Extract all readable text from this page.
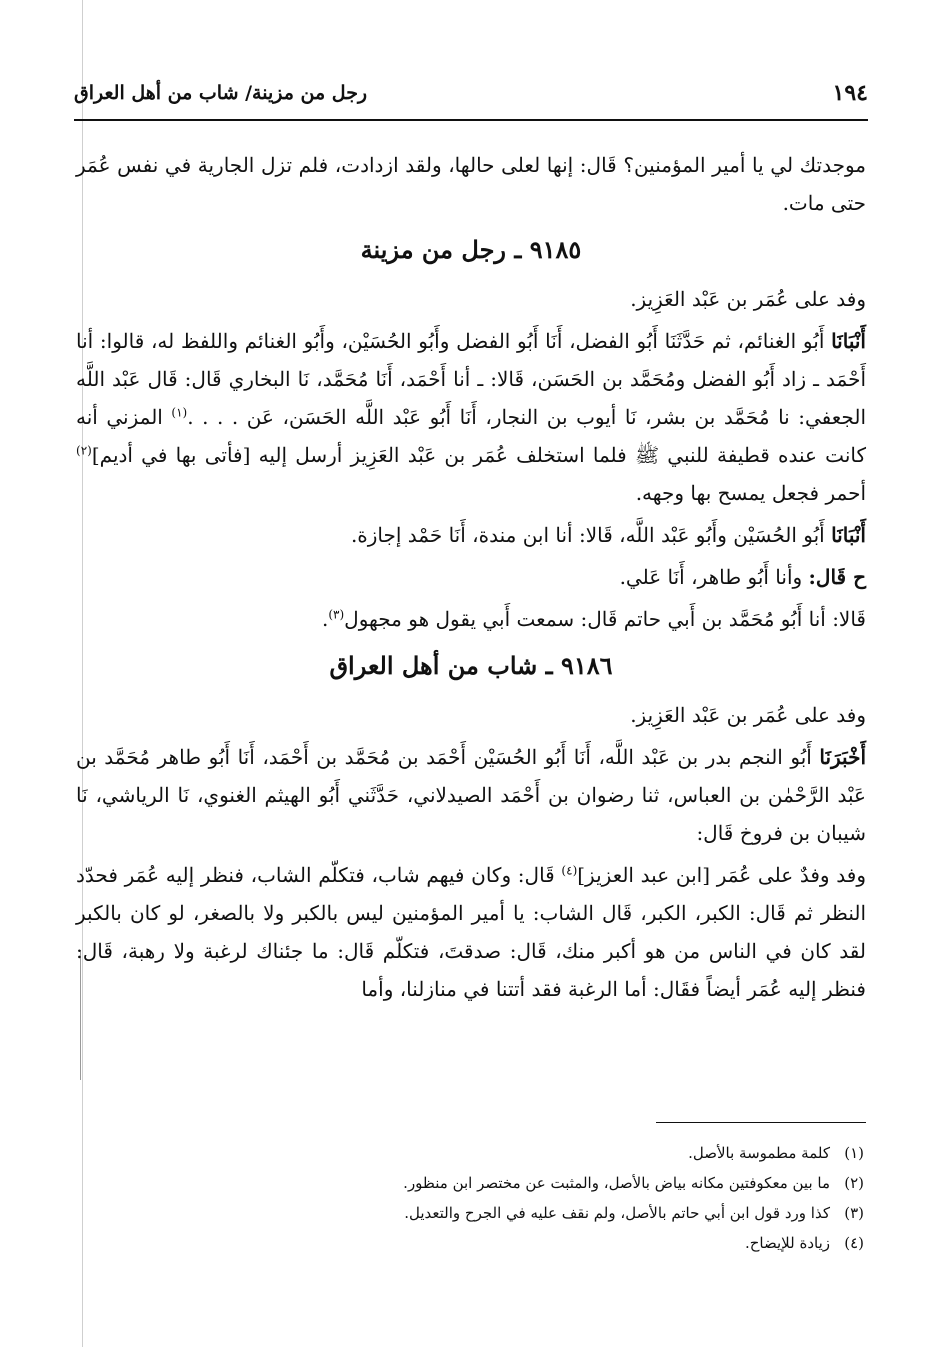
رجل من مزينة/ شاب من أهل العراق	١٩٤

موجدتك لي يا أمير المؤمنين؟ قَال: إنها لعلى حالها، ولقد ازدادت، فلم تزل الجارية في نفس عُمَر حتى مات.

٩١٨٥ ـ رجل من مزينة

وفد على عُمَر بن عَبْد العَزِيز.

أَنْبَانَا أَبُو الغنائم، ثم حَدَّثَنَا أَبُو الفضل، أَنَا أَبُو الفضل وأَبُو الحُسَيْن، وأَبُو الغنائم واللفظ له، قالوا: أنا أَحْمَد ـ زاد أَبُو الفضل ومُحَمَّد بن الحَسَن، قَالا: ـ أنا أَحْمَد، أَنَا مُحَمَّد، نَا البخاري قَال: قَال عَبْد اللَّه الجعفي: نا مُحَمَّد بن بشر، نَا أيوب بن النجار، أَنَا أَبُو عَبْد اللَّه الحَسَن، عَن . . . .$^{(١)}$ المزني أنه كانت عنده قطيفة للنبي ﷺ فلما استخلف عُمَر بن عَبْد العَزِيز أرسل إليه [فأتى بها في أديم]$^{(٢)}$ أحمر فجعل يمسح بها وجهه.

أَنْبَانَا أَبُو الحُسَيْن وأَبُو عَبْد اللَّه، قَالا: أنا ابن مندة، أَنَا حَمْد إجازة.

ح قَال: وأنا أَبُو طاهر، أَنَا عَلي.

قَالا: أنا أَبُو مُحَمَّد بن أَبي حاتم قَال: سمعت أَبي يقول هو مجهول$^{(٣)}$.

٩١٨٦ ـ شاب من أهل العراق

وفد على عُمَر بن عَبْد العَزِيز.

أَخْبَرَنَا أَبُو النجم بدر بن عَبْد اللَّه، أَنَا أَبُو الحُسَيْن أَحْمَد بن مُحَمَّد بن أَحْمَد، أَنَا أَبُو طاهر مُحَمَّد بن عَبْد الرَّحْمٰن بن العباس، ثنا رضوان بن أَحْمَد الصيدلاني، حَدَّثَني أَبُو الهيثم الغنوي، نَا الرياشي، نَا شيبان بن فروخ قَال:

وفد وفدٌ على عُمَر [ابن عبد العزيز]$^{(٤)}$ قَال: وكان فيهم شاب، فتكلّم الشاب، فنظر إليه عُمَر فحدّد النظر ثم قَال: الكبر، الكبر، قَال الشاب: يا أمير المؤمنين ليس بالكبر ولا بالصغر، لو كان بالكبر لقد كان في الناس من هو أكبر منك، قَال: صدقتَ، فتكلّم قَال: ما جئناك لرغبة ولا رهبة، قَال: فنظر إليه عُمَر أيضاً فقَال: أما الرغبة فقد أتتنا في منازلنا، وأما

(١)كلمة مطموسة بالأصل.
(٢)ما بين معكوفتين مكانه بياض بالأصل، والمثبت عن مختصر ابن منظور.
(٣)كذا ورد قول ابن أبي حاتم بالأصل، ولم نقف عليه في الجرح والتعديل.
(٤)زيادة للإيضاح.
